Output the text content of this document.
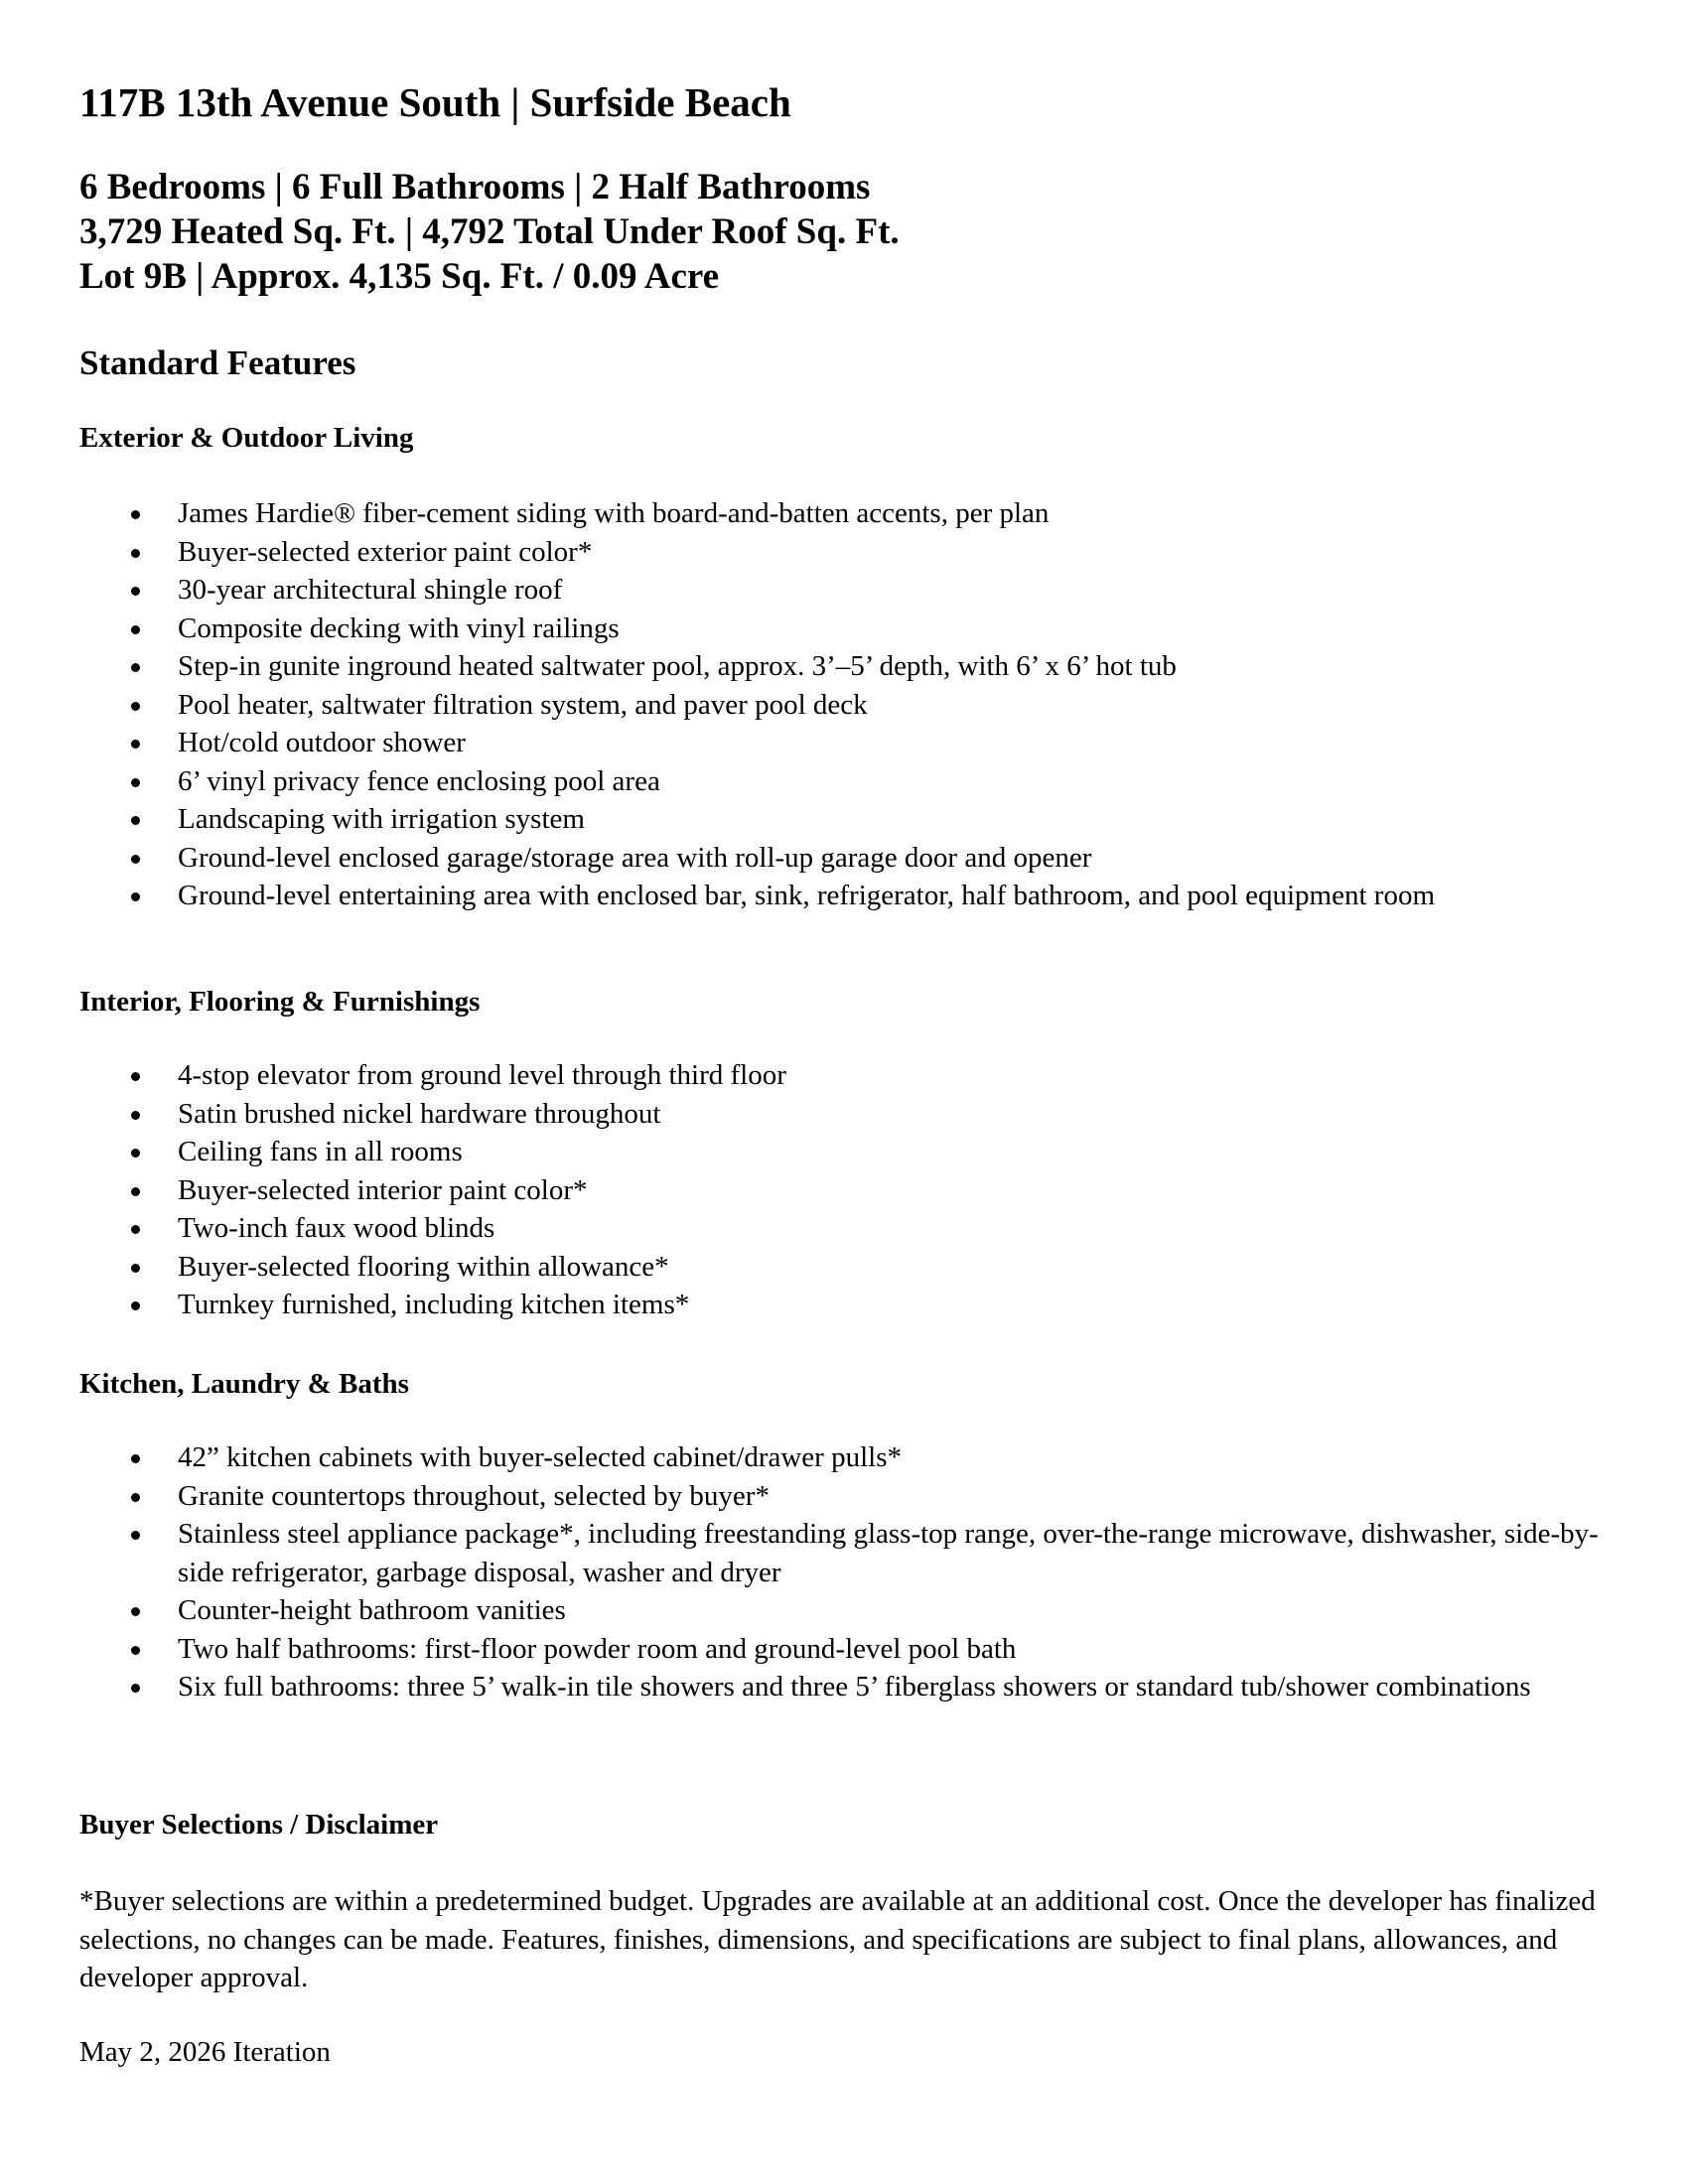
117B 13th Avenue South | Surfside Beach
6 Bedrooms | 6 Full Bathrooms | 2 Half Bathrooms
3,729 Heated Sq. Ft. | 4,792 Total Under Roof Sq. Ft.
Lot 9B | Approx. 4,135 Sq. Ft. / 0.09 Acre
Standard Features
Exterior & Outdoor Living
James Hardie® fiber-cement siding with board-and-batten accents, per plan
Buyer-selected exterior paint color*
30-year architectural shingle roof
Composite decking with vinyl railings
Step-in gunite inground heated saltwater pool, approx. 3’–5’ depth, with 6’ x 6’ hot tub
Pool heater, saltwater filtration system, and paver pool deck
Hot/cold outdoor shower
6’ vinyl privacy fence enclosing pool area
Landscaping with irrigation system
Ground-level enclosed garage/storage area with roll-up garage door and opener
Ground-level entertaining area with enclosed bar, sink, refrigerator, half bathroom, and pool equipment room
Interior, Flooring & Furnishings
4-stop elevator from ground level through third floor
Satin brushed nickel hardware throughout
Ceiling fans in all rooms
Buyer-selected interior paint color*
Two-inch faux wood blinds
Buyer-selected flooring within allowance*
Turnkey furnished, including kitchen items*
Kitchen, Laundry & Baths
42” kitchen cabinets with buyer-selected cabinet/drawer pulls*
Granite countertops throughout, selected by buyer*
Stainless steel appliance package*, including freestanding glass-top range, over-the-range microwave, dishwasher, side-by-side refrigerator, garbage disposal, washer and dryer
Counter-height bathroom vanities
Two half bathrooms: first-floor powder room and ground-level pool bath
Six full bathrooms: three 5’ walk-in tile showers and three 5’ fiberglass showers or standard tub/shower combinations
Buyer Selections / Disclaimer
*Buyer selections are within a predetermined budget. Upgrades are available at an additional cost. Once the developer has finalized selections, no changes can be made. Features, finishes, dimensions, and specifications are subject to final plans, allowances, and developer approval.
May 2, 2026 Iteration
